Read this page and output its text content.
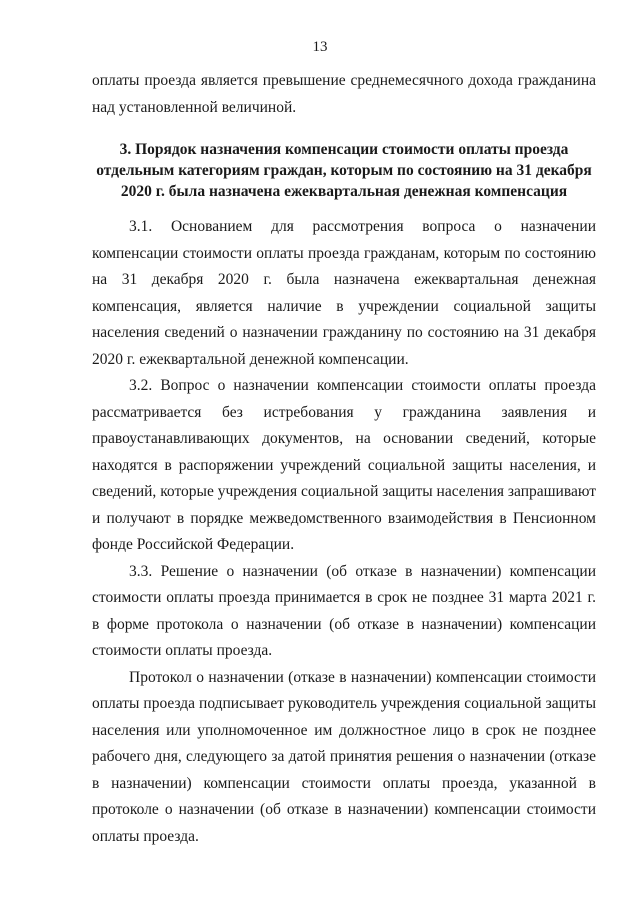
13

оплаты проезда является превышение среднемесячного дохода гражданина над установленной величиной.

3. Порядок назначения компенсации стоимости оплаты проезда отдельным категориям граждан, которым по состоянию на 31 декабря 2020 г. была назначена ежеквартальная денежная компенсация

3.1. Основанием для рассмотрения вопроса о назначении компенсации стоимости оплаты проезда гражданам, которым по состоянию на 31 декабря 2020 г. была назначена ежеквартальная денежная компенсация, является наличие в учреждении социальной защиты населения сведений о назначении гражданину по состоянию на 31 декабря 2020 г. ежеквартальной денежной компенсации.

3.2. Вопрос о назначении компенсации стоимости оплаты проезда рассматривается без истребования у гражданина заявления и правоустанавливающих документов, на основании сведений, которые находятся в распоряжении учреждений социальной защиты населения, и сведений, которые учреждения социальной защиты населения запрашивают и получают в порядке межведомственного взаимодействия в Пенсионном фонде Российской Федерации.

3.3. Решение о назначении (об отказе в назначении) компенсации стоимости оплаты проезда принимается в срок не позднее 31 марта 2021 г. в форме протокола о назначении (об отказе в назначении) компенсации стоимости оплаты проезда.

Протокол о назначении (отказе в назначении) компенсации стоимости оплаты проезда подписывает руководитель учреждения социальной защиты населения или уполномоченное им должностное лицо в срок не позднее рабочего дня, следующего за датой принятия решения о назначении (отказе в назначении) компенсации стоимости оплаты проезда, указанной в протоколе о назначении (об отказе в назначении) компенсации стоимости оплаты проезда.
